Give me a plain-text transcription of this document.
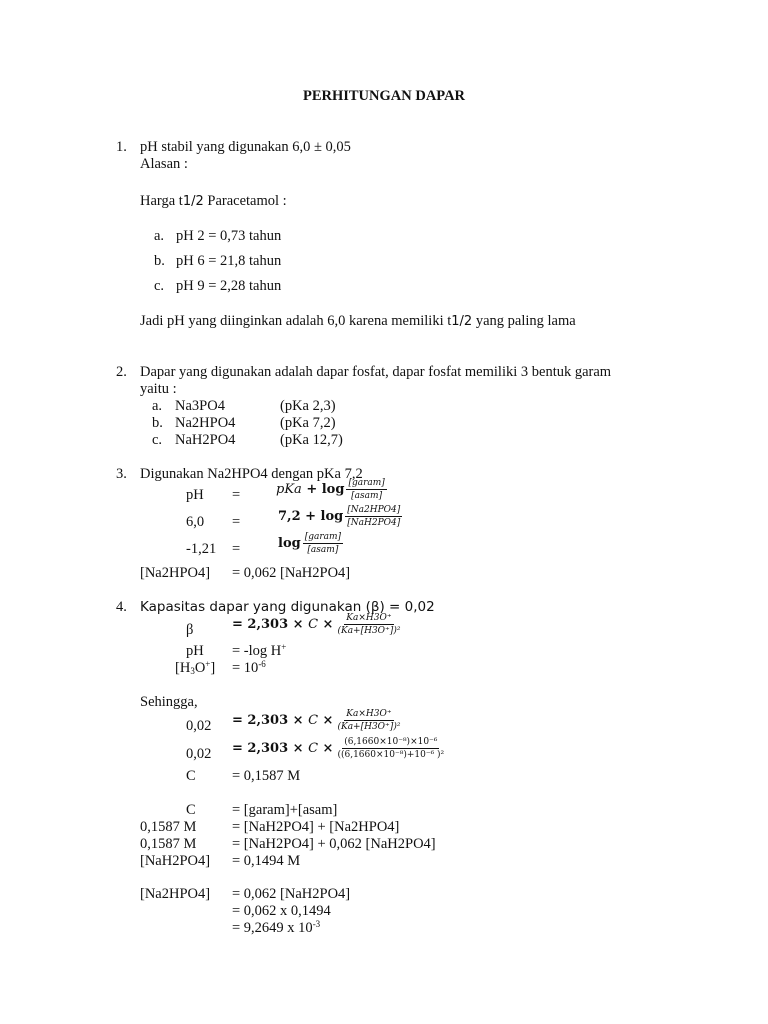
PERHITUNGAN DAPAR
1. pH stabil yang digunakan 6,0 ± 0,05
Alasan :
Harga t1/2 Paracetamol :
a. pH 2 = 0,73 tahun
b. pH 6 = 21,8 tahun
c. pH 9 = 2,28 tahun
Jadi pH yang diinginkan adalah 6,0 karena memiliki t1/2 yang paling lama
2. Dapar yang digunakan adalah dapar fosfat, dapar fosfat memiliki 3 bentuk garam
yaitu :
a. Na3PO4	(pKa 2,3)
b. Na2HPO4	(pKa 7,2)
c. NaH2PO4	(pKa 12,7)
3. Digunakan Na2HPO4 dengan pKa 7,2
pH =	pKa + $\log \frac{\text{[garam]}}{\text{[asam]}}$
6,0 =	$7,2 + \log \frac{\text{[Na2HPO4]}}{\text{[NaH2PO4]}}$
-1,21 =	$\log \frac{\text{[garam]}}{\text{[asam]}}$
[Na2HPO4] = 0,062 [NaH2PO4]
4. Kapasitas dapar yang digunakan (β) = 0,02
β	= $2,303 \times C \times \frac{Ka\times H3O^+}{\text{(Ka+[H3O⁺])²}}$
pH = -log H+
$[H_3O^+] = 10^{-6}$
Sehingga,
$0,02 = 2,303 \times C \times \frac{Ka\times H3O^+}{\text{(Ka+[H3O⁺])²}}$
$0,02 = 2,303 \times C \times \frac{\text{(6,1660×10⁻⁸)×10⁻⁶}}{\text{((6,1660×10⁻⁸)+10⁻⁶ )²}}$
C	= 0,1587 M
C	= [garam]+[asam]
0,1587 M = [NaH2PO4] + [Na2HPO4]
0,1587 M = [NaH2PO4] + 0,062 [NaH2PO4]
[NaH2PO4] = 0,1494 M
[Na2HPO4] = 0,062 [NaH2PO4]
= 0,062 x 0,1494
= 9,2649 x $10^{-3}$
